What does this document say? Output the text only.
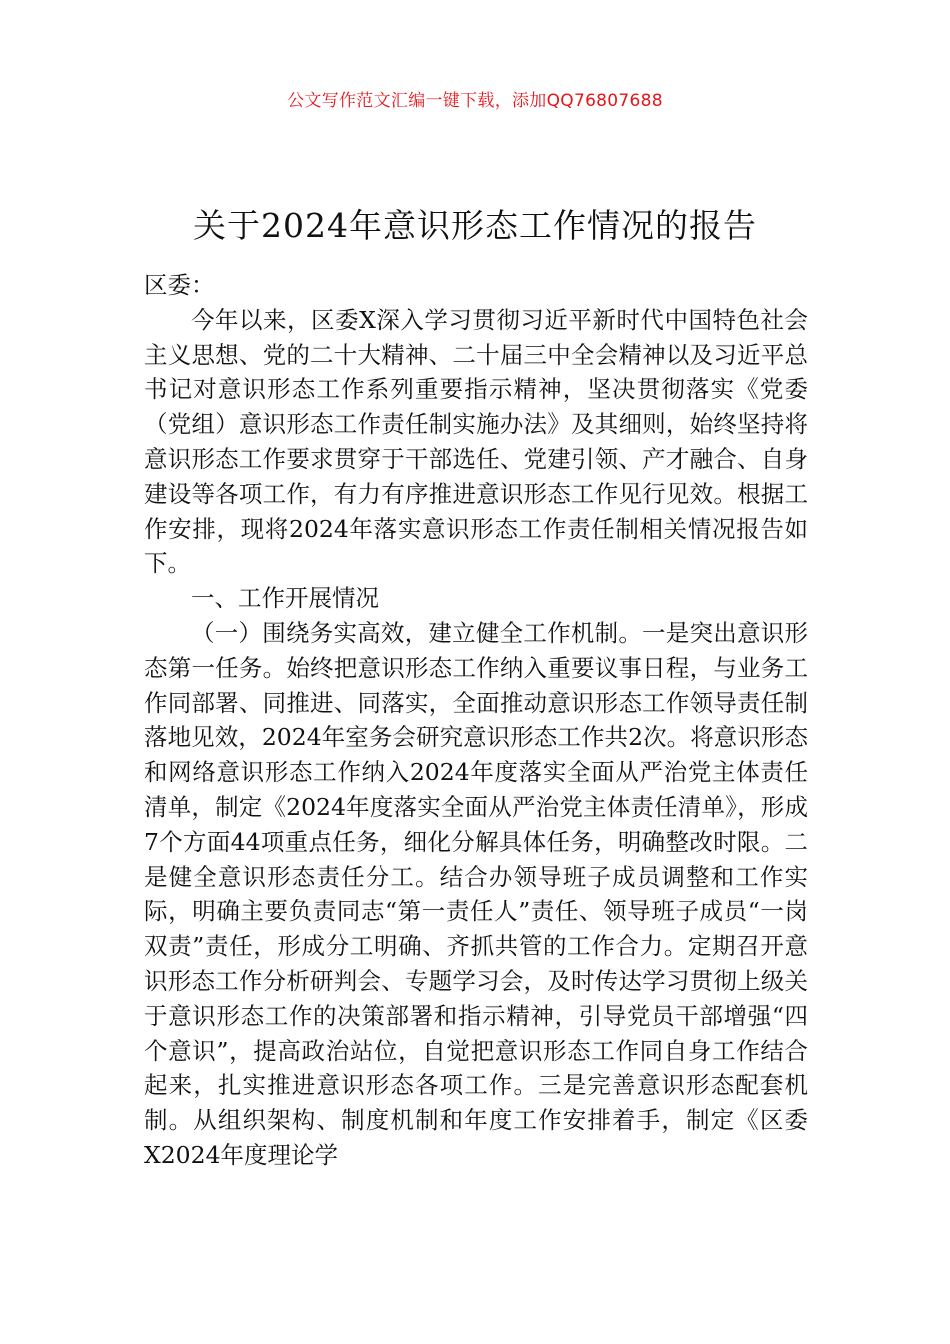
公文写作范文汇编一键下载，添加QQ76807688
关于2024年意识形态工作情况的报告

区委：

今年以来，区委X深入学习贯彻习近平新时代中国特色社会主义思想、党的二十大精神、二十届三中全会精神以及习近平总书记对意识形态工作系列重要指示精神，坚决贯彻落实《党委（党组）意识形态工作责任制实施办法》及其细则，始终坚持将意识形态工作要求贯穿于干部选任、党建引领、产才融合、自身建设等各项工作，有力有序推进意识形态工作见行见效。根据工作安排，现将2024年落实意识形态工作责任制相关情况报告如下。

一、工作开展情况

（一）围绕务实高效，建立健全工作机制。一是突出意识形态第一任务。始终把意识形态工作纳入重要议事日程，与业务工作同部署、同推进、同落实，全面推动意识形态工作领导责任制落地见效，2024年室务会研究意识形态工作共2次。将意识形态和网络意识形态工作纳入2024年度落实全面从严治党主体责任清单，制定《2024年度落实全面从严治党主体责任清单》，形成7个方面44项重点任务，细化分解具体任务，明确整改时限。二是健全意识形态责任分工。结合办领导班子成员调整和工作实际，明确主要负责同志“第一责任人”责任、领导班子成员“一岗双责”责任，形成分工明确、齐抓共管的工作合力。定期召开意识形态工作分析研判会、专题学习会，及时传达学习贯彻上级关于意识形态工作的决策部署和指示精神，引导党员干部增强“四个意识”，提高政治站位，自觉把意识形态工作同自身工作结合起来，扎实推进意识形态各项工作。三是完善意识形态配套机制。从组织架构、制度机制和年度工作安排着手，制定《区委X2024年度理论学
